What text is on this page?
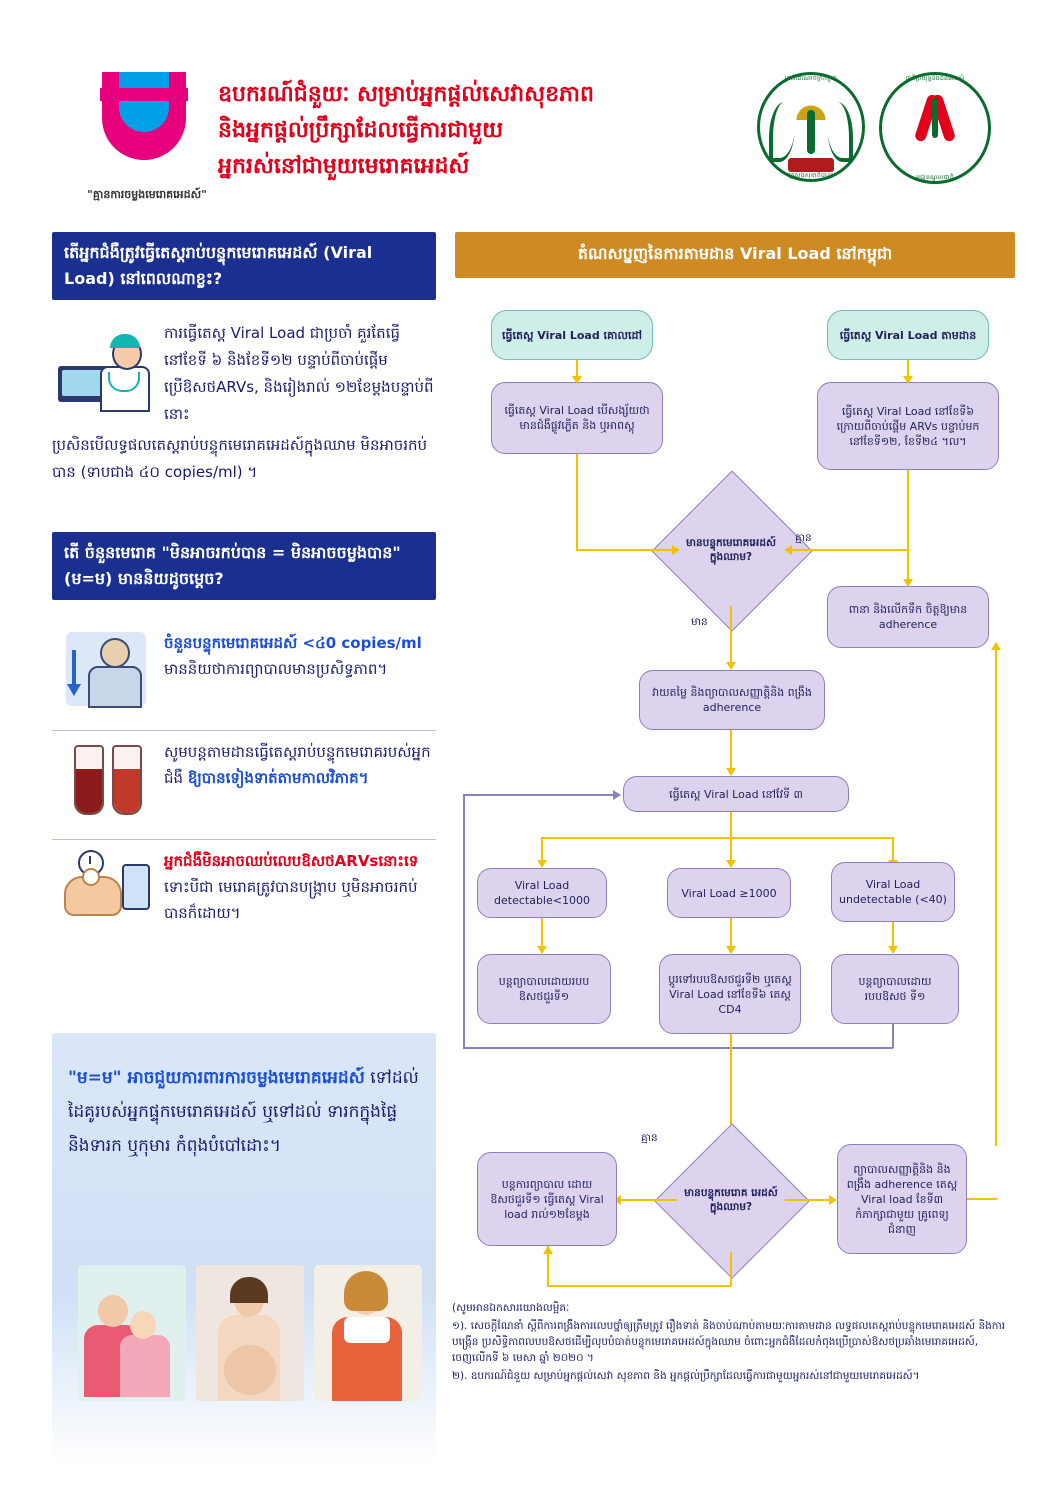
"គ្មានការចម្លងមេរោគអេដស៍"
ឧបករណ៍ជំនួយៈ សម្រាប់អ្នកផ្តល់សេវាសុខភាព
និងអ្នកផ្តល់ប្រឹក្សាដែលធ្វើការជាមួយ
អ្នករស់នៅជាមួយមេរោគអេដស៍
ព្រះរាជាណាចក្រកម្ពុជា
ក្រសួងសុខាភិបាល
ជាតិប្រយុទ្ធនឹងជំងឺអេដស៍
មជ្ឈមណ្ឌលជាតិ
តើអ្នកជំងឺត្រូវធ្វើតេស្តរាប់បន្ទុកមេរោគអេដស៍ (Viral Load) នៅពេលណាខ្លះ?
ការធ្វើតេស្ត Viral Load ជាប្រចាំ គួរតែធ្វើនៅខែទី ៦ និងខែទី១២ បន្ទាប់ពីចាប់ផ្តើមប្រើឱសថARVs, និងរៀងរាល់ ១២ខែម្តងបន្ទាប់ពីនោះ
ប្រសិនបើលទ្ធផលតេស្តរាប់បន្ទុកមេរោគអេដស៍ក្នុងឈាម មិនអាចរកប់បាន (ទាបជាង ៤០ copies/ml) ។
តើ ចំនួនមេរោគ "មិនអាចរកប់បាន = មិនអាចចម្លងបាន" (ម=ម) មាននិយដូចម្តេច?
ចំនួនបន្ទុកមេរោគអេដស៍ <៤0 copies/ml មាននិយថាការព្យាបាលមានប្រសិទ្ធភាព។
សូមបន្តតាមដានធ្វើតេស្តរាប់បន្ទុកមេរោគរបស់អ្នកជំងឺ ឱ្យបានទៀងទាត់តាមកាលវិភាគ។
អ្នកជំងឺមិនអាចឈប់លេបឱសថARVsនោះទេ ទោះបីជា មេរោគត្រូវបានបង្ក្រាប ឬមិនអាចរកប់បានក៏ដោយ។
"ម=ម" អាចជួយការពារការចម្លងមេរោគអេដស៍ ទៅដល់ដៃគូរបស់អ្នកផ្ទុកមេរោគអេដស៍ ឬទៅដល់ ទារកក្នុងផ្ទៃ និងទារក ឬកុមារ កំពុងបំបៅដោះ។
តំណសប្ហ្ញញនៃការតាមដាន Viral Load នៅកម្ពុជា
ធ្វើតេស្ត Viral Load គោលដៅ	ធ្វើតេស្ត Viral Load តាមដាន
ធ្វើតេស្ត Viral Load បើសង្ស័យថា មានជំងឺផ្លូវភ្លើត និង ឬអាពស្តុ
ធ្វើតេស្ត Viral Load នៅខែទី៦ ក្រោយពីចាប់ផ្តើម ARVs បន្ទាប់មកនៅខែទី១២, ខែទី២៤ ។ល។
មានបន្ទុកមេរោគអេដស៍ ក្នុងឈាម?
គ្មាន
ពានា និងលើកទឹក ចិត្តឱ្យមាន adherence
មាន
វាយតម្លៃ និងព្យាបាលសញ្ញាត្តិនិង ពង្រឹង adherence
ធ្វើតេស្ត Viral Load នៅវែទី ៣
Viral Load detectable<1000
Viral Load ≥1000
Viral Load undetectable (<40)
បន្តព្យាបាលដោយរបប ឱសថជួរទី១
ប្តូរទៅរបបឱសថជួរទី២ ឬតេស្ត Viral Load នៅខែទី៦ តេស្ត CD4
បន្តព្យាបាលដោយ របបឱសថ ទី១
មានបន្ទុកមេរោគ អេដស៍ក្នុងឈាម?
គ្មាន
បន្តការព្យាបាល ដោយ ឱសថជួរទី១ ធ្វើតេស្ត Viral load រាល់១២ខែម្តង
ព្យាបាលសញ្ញាត្តិនិង និងពង្រឹង adherence តេស្ត Viral load ខែទី៣ កំភាក្សាជាមួយ គ្រូពេទ្យជំនាញ

(សូមអានឯកសារយោងលម្អិតៈ

១). សេចក្តីណែនាំ ស្តីពីការពង្រឹងការលេបថ្នាំឲ្យត្រឹមត្រូវ រឿងទាត់ និងចាប់ណាប់តាមយៈការតាមដាន លទ្ធផលតេស្តរាប់បន្ទុកមេរោគអេដស៍ និងការបង្ក្រើន ប្រសិទ្ធិភាពលបបឱសថដើម្បីលុបបំបាត់បន្ទុកមេរោគអេដស៍ក្នុងឈាម ចំពោះអ្នកជំងឺដែលកំពុងប្រើប្រាស់ឱសថប្រឆាំងមេរោគអេដស៍, ចេញលេីកទី ៦ មេសា ឆ្នាំ ២០២០ ។

២). ឧបករណ៍ជំនួយ សម្រាប់អ្នកផ្តល់សេវា សុខភាព និង អ្នកផ្តល់ប្រឹក្សាដែលធ្វើការជាមួយអ្នករស់នៅជាមួយមេរោគអេដស៍។
